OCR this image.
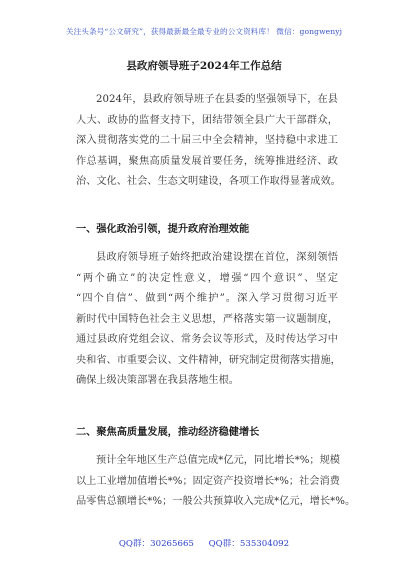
关注头条号“公文研究”，获得最新最全最专业的公文资料库！ 微信：gongwenyj
县政府领导班子2024年工作总结
2024年，县政府领导班子在县委的坚强领导下，在县
人大、政协的监督支持下，团结带领全县广大干部群众，
深入贯彻落实党的二十届三中全会精神，坚持稳中求进工
作总基调，聚焦高质量发展首要任务，统筹推进经济、政
治、文化、社会、生态文明建设，各项工作取得显著成效。
一、强化政治引领，提升政府治理效能
县政府领导班子始终把政治建设摆在首位，深刻领悟
“两个确立”的决定性意义，增强“四个意识”、坚定
“四个自信”、做到“两个维护”。深入学习贯彻习近平
新时代中国特色社会主义思想，严格落实第一议题制度，
通过县政府党组会议、常务会议等形式，及时传达学习中
央和省、市重要会议、文件精神，研究制定贯彻落实措施，
确保上级决策部署在我县落地生根。
二、聚焦高质量发展，推动经济稳健增长
预计全年地区生产总值完成*亿元，同比增长*%；规模
以上工业增加值增长*%；固定资产投资增长*%；社会消费
品零售总额增长*%；一般公共预算收入完成*亿元，增长*%。
QQ群：30265665 QQ群：535304092
